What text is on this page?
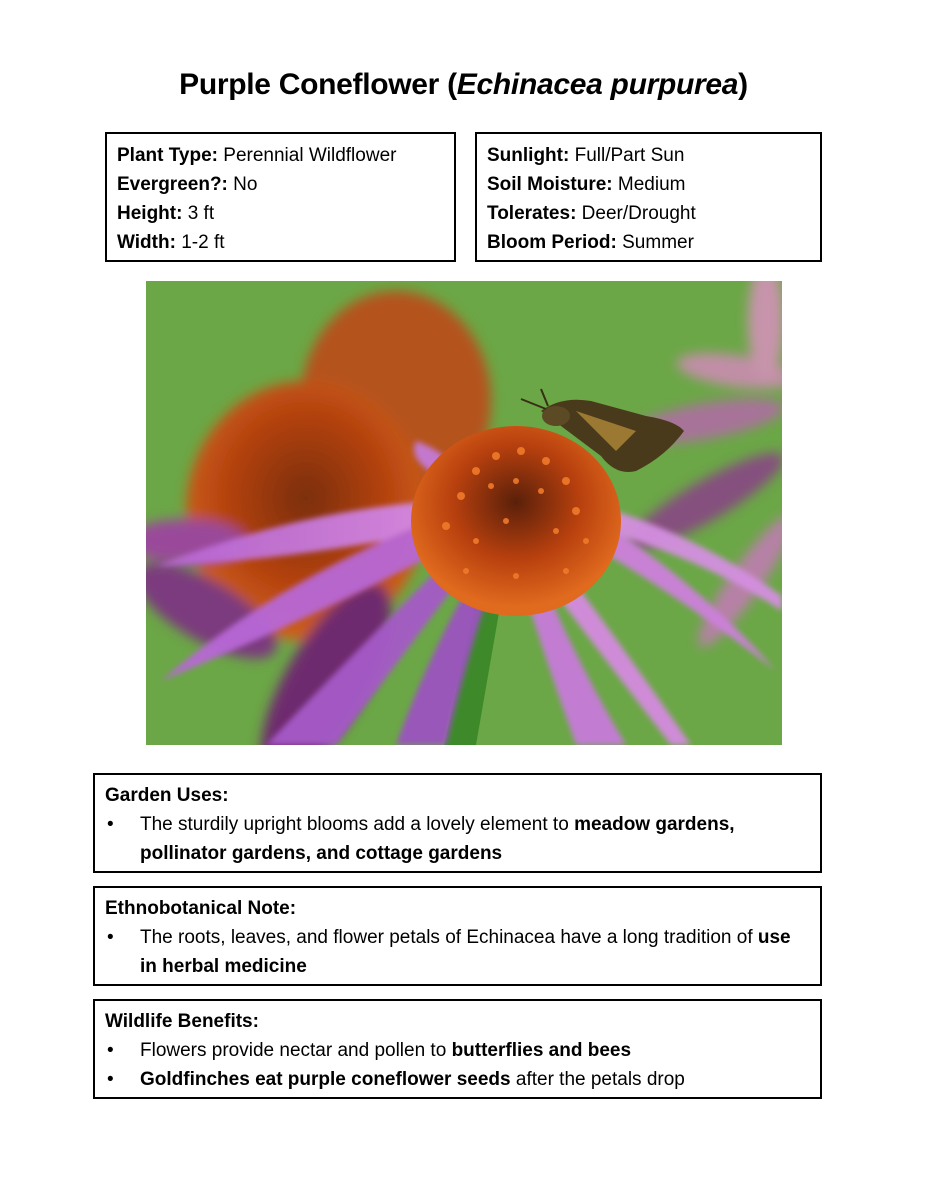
Purple Coneflower (Echinacea purpurea)
Plant Type: Perennial Wildflower
Evergreen?: No
Height: 3 ft
Width: 1-2 ft
Sunlight: Full/Part Sun
Soil Moisture: Medium
Tolerates: Deer/Drought
Bloom Period: Summer
Garden Uses:
• The sturdily upright blooms add a lovely element to meadow gardens, pollinator gardens, and cottage gardens
Ethnobotanical Note:
• The roots, leaves, and flower petals of Echinacea have a long tradition of use in herbal medicine
Wildlife Benefits:
• Flowers provide nectar and pollen to butterflies and bees
• Goldfinches eat purple coneflower seeds after the petals drop
